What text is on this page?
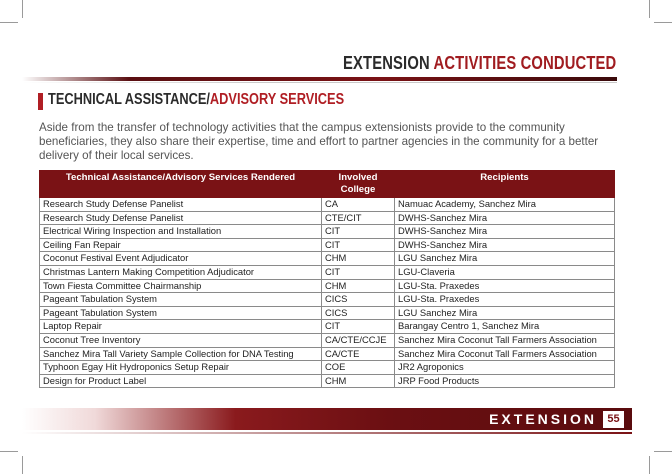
EXTENSION ACTIVITIES CONDUCTED
TECHNICAL ASSISTANCE/ADVISORY SERVICES
Aside from the transfer of technology activities that the campus extensionists provide to the community beneficiaries, they also share their expertise, time and effort to partner agencies in the community for a better delivery of their local services.
Technical Assistance/Advisory Services Rendered	Involved College	Recipients
Research Study Defense Panelist	CA	Namuac Academy, Sanchez Mira
Research Study Defense Panelist	CTE/CIT	DWHS-Sanchez Mira
Electrical Wiring Inspection and Installation	CIT	DWHS-Sanchez Mira
Ceiling Fan Repair	CIT	DWHS-Sanchez Mira
Coconut Festival Event Adjudicator	CHM	LGU Sanchez Mira
Christmas Lantern Making Competition Adjudicator	CIT	LGU-Claveria
Town Fiesta Committee Chairmanship	CHM	LGU-Sta. Praxedes
Pageant Tabulation System	CICS	LGU-Sta. Praxedes
Pageant Tabulation System	CICS	LGU Sanchez Mira
Laptop Repair	CIT	Barangay Centro 1, Sanchez Mira
Coconut Tree Inventory	CA/CTE/CCJE	Sanchez Mira Coconut Tall Farmers Association
Sanchez Mira Tall Variety Sample Collection for DNA Testing	CA/CTE	Sanchez Mira Coconut Tall Farmers Association
Typhoon Egay Hit Hydroponics Setup Repair	COE	JR2 Agroponics
Design for Product Label	CHM	JRP Food Products
EXTENSION 55
